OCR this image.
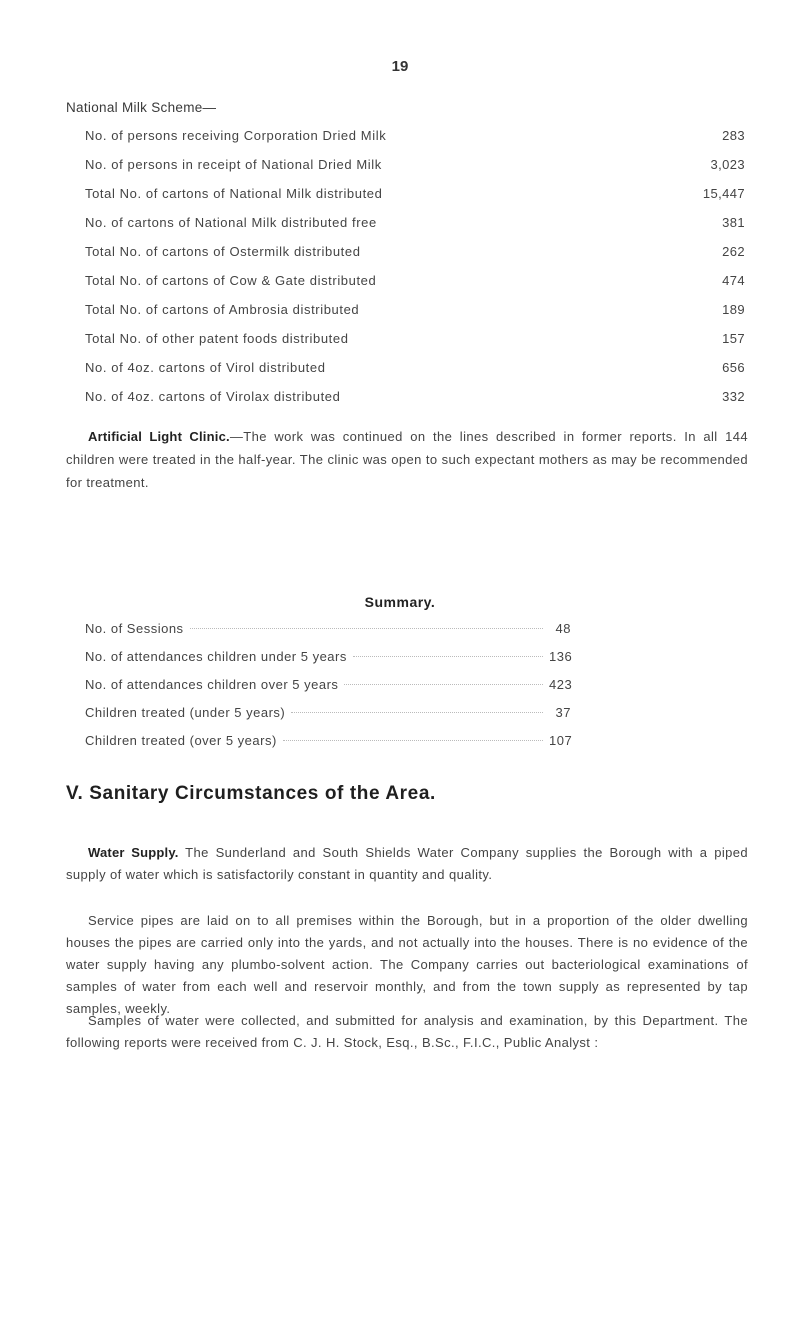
19
National Milk Scheme—
No. of persons receiving Corporation Dried Milk	283
No. of persons in receipt of National Dried Milk	3,023
Total No. of cartons of National Milk distributed	15,447
No. of cartons of National Milk distributed free	381
Total No. of cartons of Ostermilk distributed	262
Total No. of cartons of Cow & Gate distributed	474
Total No. of cartons of Ambrosia distributed	189
Total No. of other patent foods distributed	157
No. of 4oz. cartons of Virol distributed	656
No. of 4oz. cartons of Virolax distributed	332

Artificial Light Clinic.—The work was continued on the lines described in former reports. In all 144 children were treated in the half-year. The clinic was open to such expectant mothers as may be recommended for treatment.

Summary.
No. of Sessions	48
No. of attendances children under 5 years	136
No. of attendances children over 5 years	423
Children treated (under 5 years)	37
Children treated (over 5 years)	107
V. Sanitary Circumstances of the Area.

Water Supply. The Sunderland and South Shields Water Company supplies the Borough with a piped supply of water which is satisfactorily constant in quantity and quality.

Service pipes are laid on to all premises within the Borough, but in a proportion of the older dwelling houses the pipes are carried only into the yards, and not actually into the houses. There is no evidence of the water supply having any plumbo-solvent action. The Company carries out bacteriological examinations of samples of water from each well and reservoir monthly, and from the town supply as represented by tap samples, weekly.

Samples of water were collected, and submitted for analysis and examination, by this Department. The following reports were received from C. J. H. Stock, Esq., B.Sc., F.I.C., Public Analyst :
